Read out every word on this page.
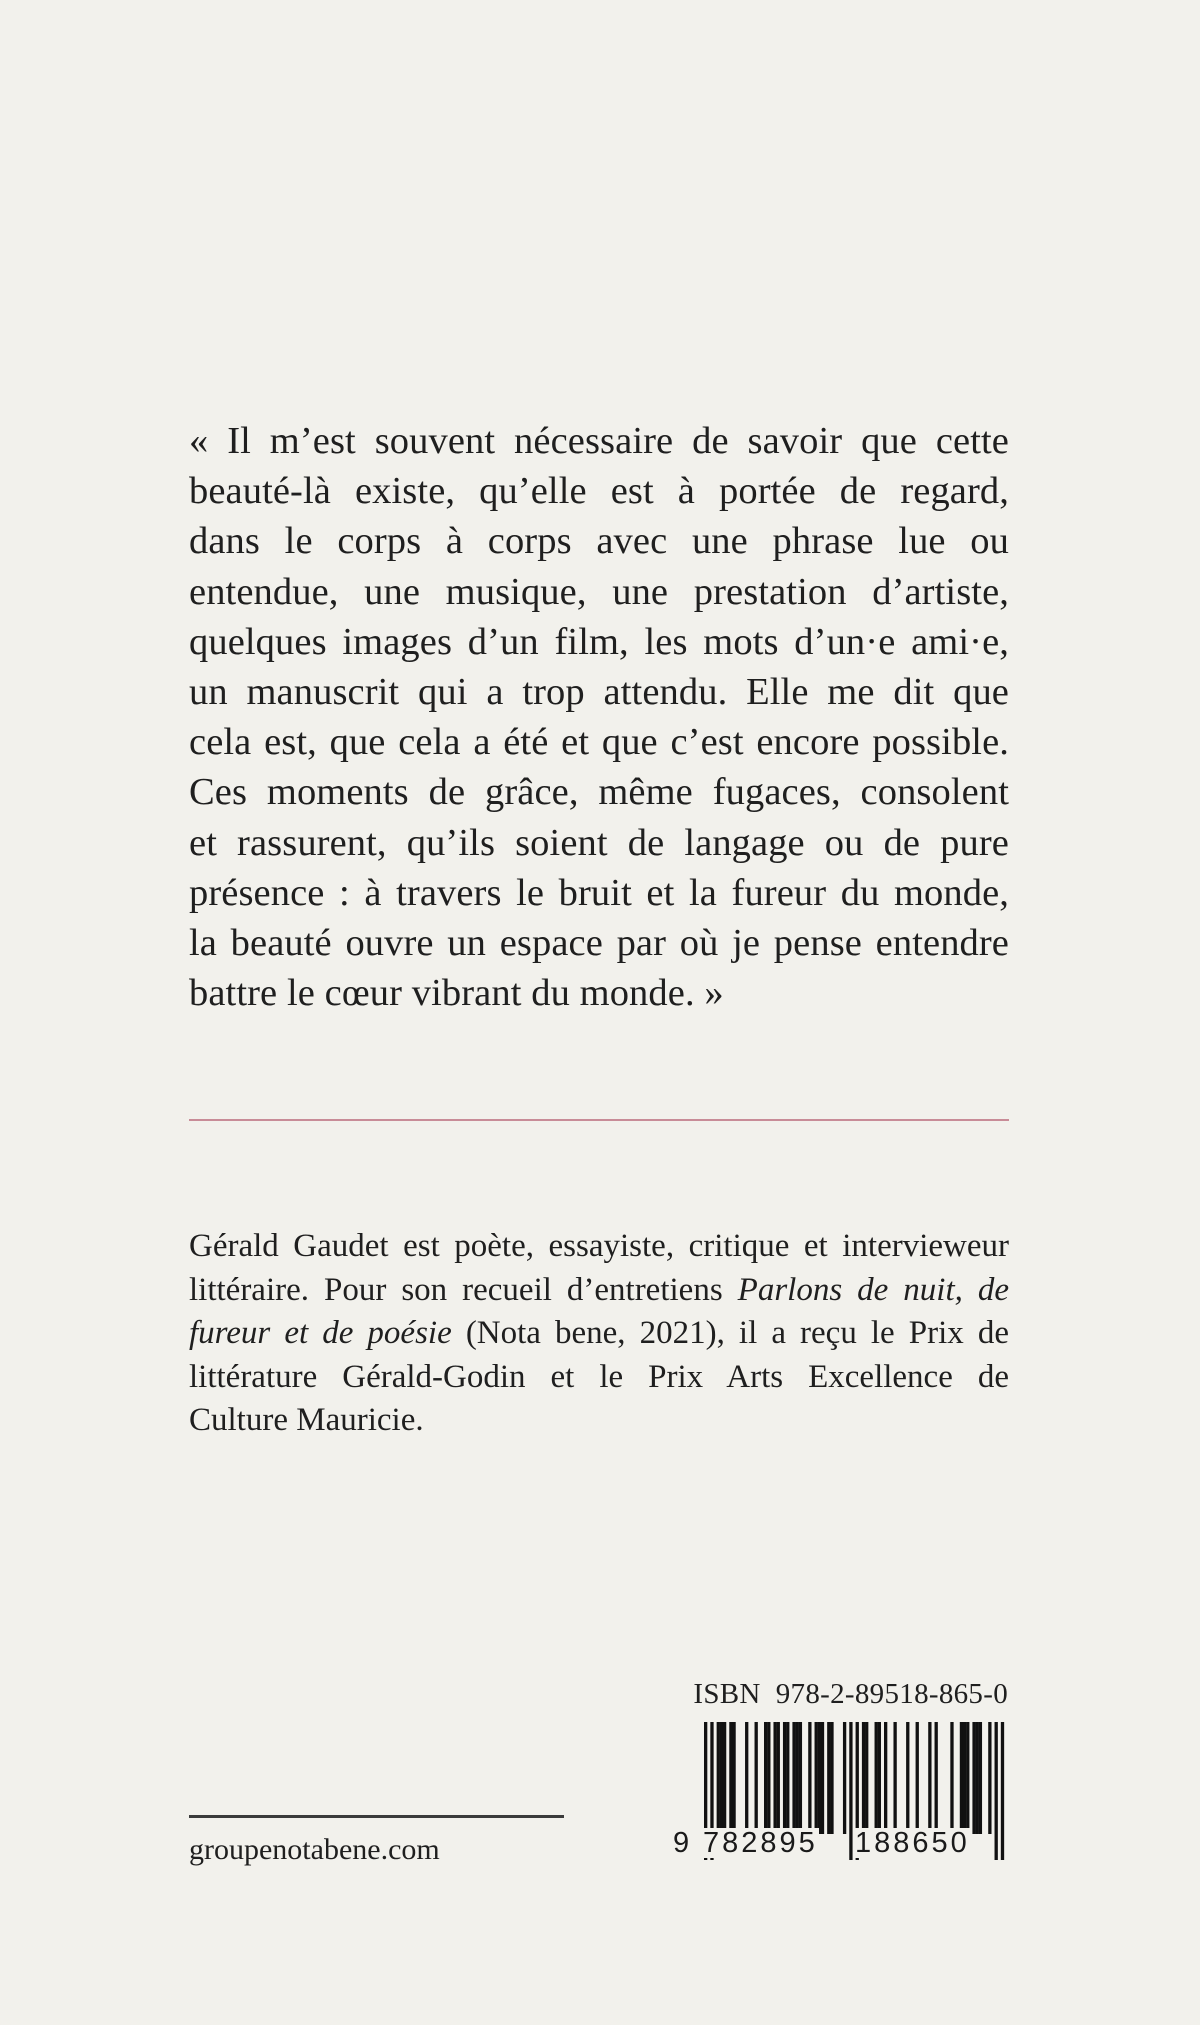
« Il m’est souvent nécessaire de savoir que cette
beauté-là existe, qu’elle est à portée de regard,
dans le corps à corps avec une phrase lue ou
entendue, une musique, une prestation d’artiste,
quelques images d’un film, les mots d’un·e ami·e,
un manuscrit qui a trop attendu. Elle me dit que
cela est, que cela a été et que c’est encore possible.
Ces moments de grâce, même fugaces, consolent
et rassurent, qu’ils soient de langage ou de pure
présence : à travers le bruit et la fureur du monde,
la beauté ouvre un espace par où je pense entendre
battre le cœur vibrant du monde. »
Gérald Gaudet est poète, essayiste, critique et intervieweur
littéraire. Pour son recueil d’entretiens Parlons de nuit, de
fureur et de poésie (Nota bene, 2021), il a reçu le Prix de
littérature Gérald-Godin et le Prix Arts Excellence de
Culture Mauricie.
ISBN  978-2-89518-865-0
9 782895 188650
groupenotabene.com
